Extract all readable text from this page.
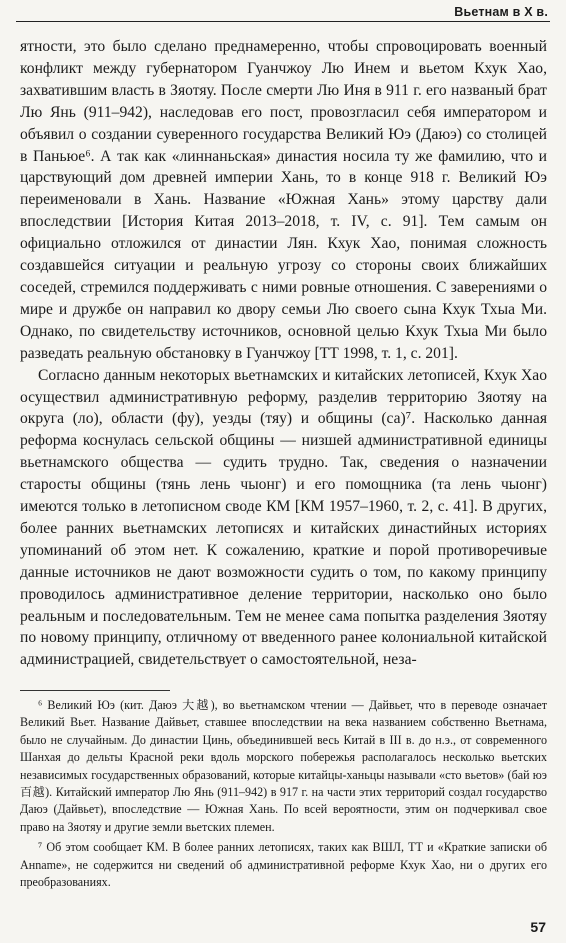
Вьетнам в Х в.

ятности, это было сделано преднамеренно, чтобы спровоцировать военный конфликт между губернатором Гуанчжоу Лю Инем и вьетом Кхук Хао, захватившим власть в Зяотяу. После смерти Лю Иня в 911 г. его названый брат Лю Янь (911–942), наследовав его пост, провозгласил себя императором и объявил о создании суверенного государства Великий Юэ (Даюэ) со столицей в Паньюе⁶. А так как «линнаньская» династия носила ту же фамилию, что и царствующий дом древней империи Хань, то в конце 918 г. Великий Юэ переименовали в Хань. Название «Южная Хань» этому царству дали впоследствии [История Китая 2013–2018, т. IV, с. 91]. Тем самым он официально отложился от династии Лян. Кхук Хао, понимая сложность создавшейся ситуации и реальную угрозу со стороны своих ближайших соседей, стремился поддерживать с ними ровные отношения. С заверениями о мире и дружбе он направил ко двору семьи Лю своего сына Кхук Тхыа Ми. Однако, по свидетельству источников, основной целью Кхук Тхыа Ми было разведать реальную обстановку в Гуанчжоу [ТТ 1998, т. 1, с. 201].

Согласно данным некоторых вьетнамских и китайских летописей, Кхук Хао осуществил административную реформу, разделив территорию Зяотяу на округа (ло), области (фу), уезды (тяу) и общины (са)⁷. Насколько данная реформа коснулась сельской общины — низшей административной единицы вьетнамского общества — судить трудно. Так, сведения о назначении старосты общины (тянь лень чыонг) и его помощника (та лень чыонг) имеются только в летописном своде КМ [КМ 1957–1960, т. 2, с. 41]. В других, более ранних вьетнамских летописях и китайских династийных историях упоминаний об этом нет. К сожалению, краткие и порой противоречивые данные источников не дают возможности судить о том, по какому принципу проводилось административное деление территории, насколько оно было реальным и последовательным. Тем не менее сама попытка разделения Зяотяу по новому принципу, отличному от введенного ранее колониальной китайской администрацией, свидетельствует о самостоятельной, неза-

⁶ Великий Юэ (кит. Даюэ 大越), во вьетнамском чтении — Дайвьет, что в переводе означает Великий Вьет. Название Дайвьет, ставшее впоследствии на века названием собственно Вьетнама, было не случайным. До династии Цинь, объединившей весь Китай в III в. до н.э., от современного Шанхая до дельты Красной реки вдоль морского побережья располагалось несколько вьетских независимых государственных образований, которые китайцы-ханьцы называли «сто вьетов» (бай юэ 百越). Китайский император Лю Янь (911–942) в 917 г. на части этих территорий создал государство Даюэ (Дайвьет), впоследствие — Южная Хань. По всей вероятности, этим он подчеркивал свое право на Зяотяу и другие земли вьетских племен.

⁷ Об этом сообщает КМ. В более ранних летописях, таких как ВШЛ, ТТ и «Краткие записки об Анname», не содержится ни сведений об административной реформе Кхук Хао, ни о других его преобразованиях.

57
